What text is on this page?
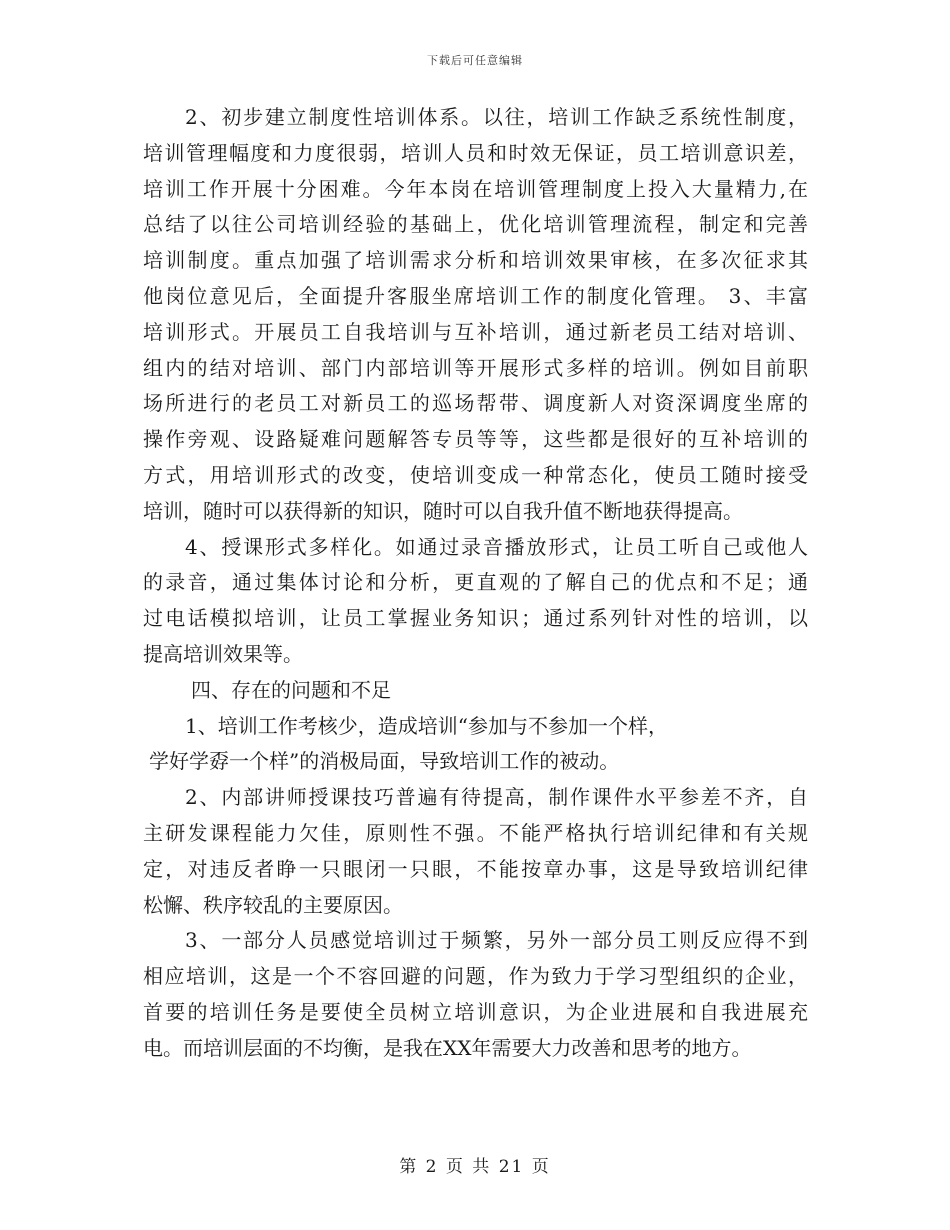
下载后可任意编辑

2、初步建立制度性培训体系。以往，培训工作缺乏系统性制度，
培训管理幅度和力度很弱，培训人员和时效无保证，员工培训意识差，
培训工作开展十分困难。今年本岗在培训管理制度上投入大量精力,在
总结了以往公司培训经验的基础上，优化培训管理流程，制定和完善
培训制度。重点加强了培训需求分析和培训效果审核，在多次征求其
他岗位意见后，全面提升客服坐席培训工作的制度化管理。 3、丰富
培训形式。开展员工自我培训与互补培训，通过新老员工结对培训、
组内的结对培训、部门内部培训等开展形式多样的培训。例如目前职
场所进行的老员工对新员工的巡场帮带、调度新人对资深调度坐席的
操作旁观、设路疑难问题解答专员等等，这些都是很好的互补培训的
方式，用培训形式的改变，使培训变成一种常态化，使员工随时接受
培训，随时可以获得新的知识，随时可以自我升值不断地获得提高。

4、授课形式多样化。如通过录音播放形式，让员工听自己或他人
的录音，通过集体讨论和分析，更直观的了解自己的优点和不足；通
过电话模拟培训，让员工掌握业务知识；通过系列针对性的培训，以
提高培训效果等。

四、存在的问题和不足

1、培训工作考核少，造成培训“参加与不参加一个样，
学好学孬一个样”的消极局面，导致培训工作的被动。

2、内部讲师授课技巧普遍有待提高，制作课件水平参差不齐，自
主研发课程能力欠佳，原则性不强。不能严格执行培训纪律和有关规
定，对违反者睁一只眼闭一只眼，不能按章办事，这是导致培训纪律
松懈、秩序较乱的主要原因。

3、一部分人员感觉培训过于频繁，另外一部分员工则反应得不到
相应培训，这是一个不容回避的问题，作为致力于学习型组织的企业，
首要的培训任务是要使全员树立培训意识，为企业进展和自我进展充
电。而培训层面的不均衡，是我在XX年需要大力改善和思考的地方。

第 2 页 共 21 页
